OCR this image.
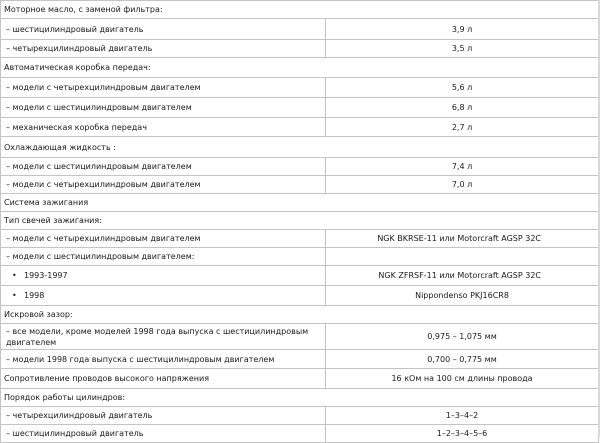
Моторное масло, с заменой фильтра:	
– шестицилиндровый двигатель	3,9 л
– четырехцилиндровый двигатель	3,5 л
Автоматическая коробка передач:	
– модели с четырехцилиндровым двигателем	5,6 л
– модели с шестицилиндровым двигателем	6,8 л
– механическая коробка передач	2,7 л
Охлаждающая жидкость :	
– модели с шестицилиндровым двигателем	7,4 л
– модели с четырехцилиндровым двигателем	7,0 л
Система зажигания	
Тип свечей зажигания:	
– модели с четырехцилиндровым двигателем	NGK BKRSE-11 или Motorcraft AGSP 32C
– модели с шестицилиндровым двигателем:	
• 1993-1997	NGK ZFRSF-11 или Motorcraft AGSP 32C
• 1998	Nippondenso PKJ16CR8
Искровой зазор:	
– все модели, кроме моделей 1998 года выпуска с шестицилиндровым двигателем	0,975 – 1,075 мм
– модели 1998 года выпуска с шестицилиндровым двигателем	0,700 – 0,775 мм
Сопротивление проводов высокого напряжения	16 кОм на 100 см длины провода
Порядок работы цилиндров:	
– четырехцилиндровый двигатель	1–3–4–2
– шестицилиндровый двигатель	1–2–3–4–5–6
